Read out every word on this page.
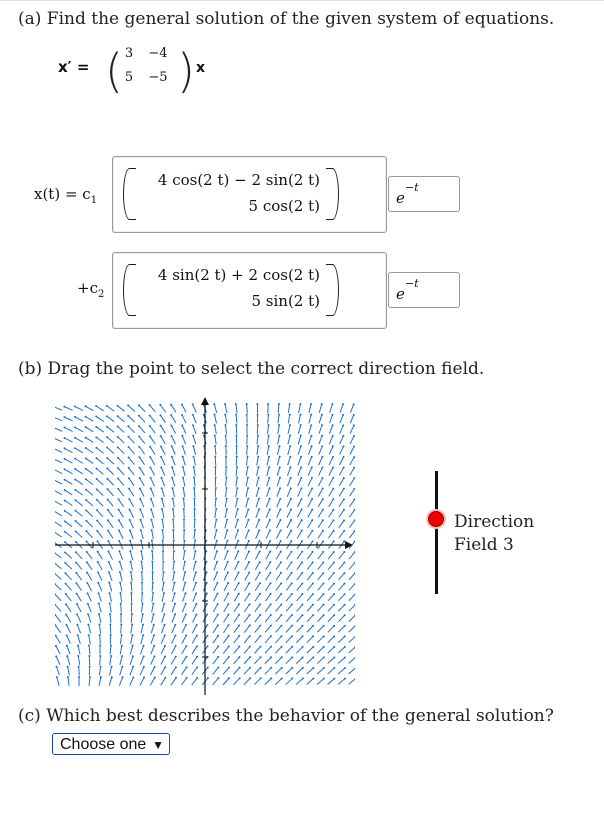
(a) Find the general solution of the given system of equations.
x′ = ( 3	−4
5	−5 ) x
$x(t) = c_1$
4 cos(2 t) − 2 sin(2 t)
5 cos(2 t)	e
−t
$+c_2$
4 sin(2 t) + 2 cos(2 t)
5 sin(2 t)	e
−t
(b) Drag the point to select the correct direction field.
Direction
Field 3
(c) Which best describes the behavior of the general solution?
Choose one ▼
